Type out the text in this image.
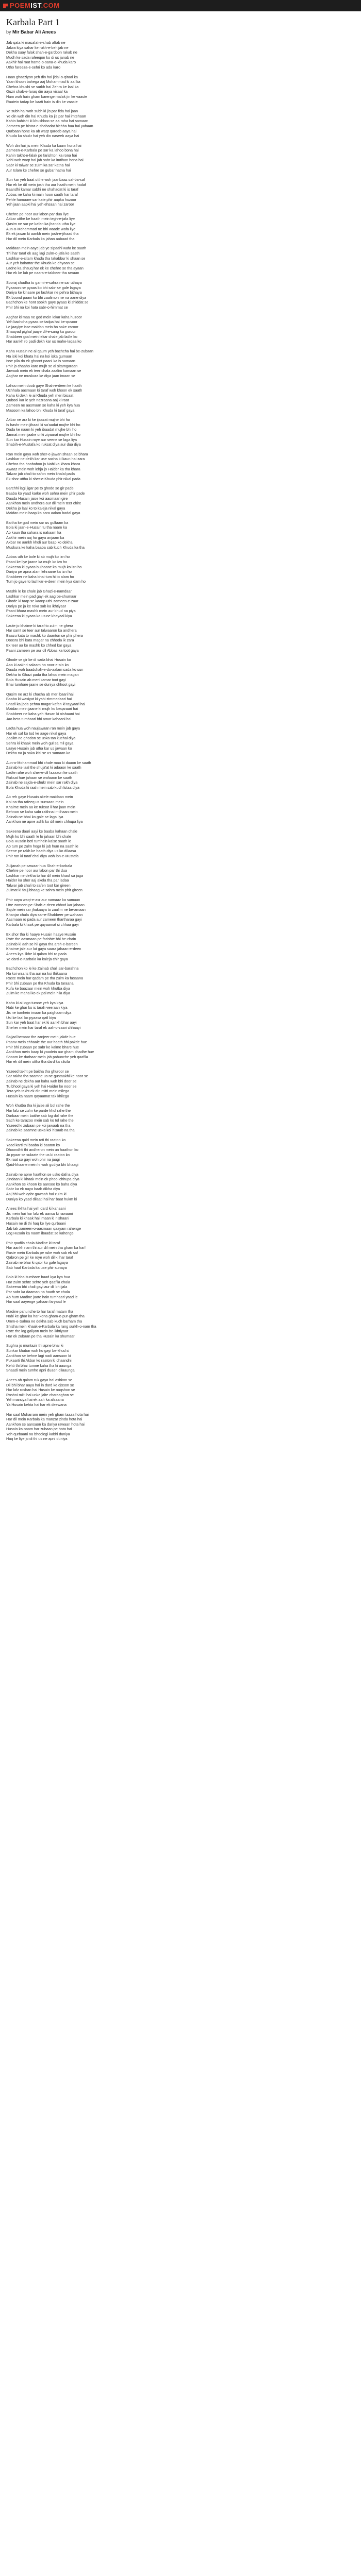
POEMIST.COM
Karbala Part 1
by Mir Babar Ali Anees
Jab qata ki masafat-e-shab aftab ne
Jalwa kiya sahar ke rukh-e-behijab ne
Dekha suay falak shah-e-gardoon rakab ne
Mudh ke sada rafeeqon ko di us janab ne
Aakhir hai raat hamd-o-sana-e-khuda karo
Utho fareeza-e-sehri ko ada karo
Haan ghaaziyon yeh din hai jidal-o-qitaal ka
Yaan khoon bahega aaj Mohammad ki aal ka
Chehra khushi se surkh hai Zehra ke laal ka
Guzri shab-e-faraq din aaya visaal ka
Hum woh hain gham karenge malak jin ke vaaste
Raatein tadap ke kaati hain is din ke vaaste
Ye subh hai woh subh ki jis par fida hai jaan
Ye din woh din hai Khuda ka jis par hai imtehaan
Kahin bahisht ki khushboo se aa raha hai samaan
Zameen pe bistar-e-shahadat bichha hua hai yahaan
Qurbaan hone ka ab waqt qareeb aaya hai
Khuda ka shukr hai yeh din naseeb aaya hai
Woh din hai jis mein Khuda ka kaam hona hai
Zameen-e-Karbala pe sar ka lahoo bona hai
Kahin takht-e-falak pe farishton ka rona hai
Yahi woh waqt hai jab sabr ka imtihan hona hai
Sabr ki talwar se zulm ka sar katna hai
Aur Islam ke chehre se gubar hatna hai
Sun kar yeh baat utthe woh jaanbaaz saf-ba-saf
Har ek ke dil mein josh tha aur haath mein hadaf
Baandhi kamar sabhi ne shahadat ki is taraf
Abbas ne kaha ki main hoon saath har taraf
Pehle hamaare sar kate phir aapka huzoor
Yeh jaan aapki hai yeh ehsaan hai zaroor
Chehre pe noor aur labon par dua liye
Akbar utthe ke haath mein tegh-e-jafa liye
Qasim ne sar pe kafan ka jhanda utha liye
Aun-o-Mohammad ne bhi waade wafa liye
Ek ek jawan ki aankh mein josh-e-jihaad tha
Har dil mein Karbala ka jahan aabaad tha
Maidaan mein aaye jab ye sipaahi wafa ke saath
Thi har taraf ek aag lagi zulm-o-jafa ke saath
Lashkar-e-sitam khada tha takabbur ki shaan se
Aur yeh bahattar the Khuda ke dhyaan se
Ladne ka shauq har ek ke chehre se tha ayaan
Har ek ke lab pe naara-e-takbeer tha ravaan
Sooraj chadha to garmi-e-sahra ne sar uthaya
Pyaason ne pyaas ko bhi sabr se gale lagaya
Dariya ke kinaare pe lashkar ne pehra bithaya
Ek boond paani ko bhi zaalimon ne na aane diya
Bachchon ke hont sookh gaye pyaas ki shiddat se
Phir bhi na koi hata sabr-o-himmat se
Asghar ki maa ne god mein lekar kaha huzoor
Yeh bachcha pyaas se tadpa hai be-qusoor
Le jaayiye isse maidan mein ho sake zaroor
Shaayad pighal jaaye dil-e-sang ka guroor
Shabbeer god mein lekar chale jab ladle ko
Har aankh ro padi dekh kar us mahe-laqaa ko
Kaha Husain ne ai qaum yeh bachcha hai be-zubaan
Na iski koi khata hai na koi iska gumaan
Isse pila do ek ghoont paani ka is samaan
Phir jo chaaho karo mujh se ai sitamgaraan
Jawaab mein ek teer chala zaalim kamaan se
Asghar ne muskura ke diya jaan imaan se
Lahoo mein doob gaye Shah-e-deen ke haath
Uchhala aasmaan ki taraf woh khoon ek saath
Kaha ki dekh le ai Khuda yeh meri bisaat
Qubool kar le yeh nazraana aaj ki raat
Zameen ne aasmaan se kaha ki yeh kya hua
Masoom ka lahoo bhi Khuda ki taraf gaya
Akbar ne arz ki ke ijaazat mujhe bhi ho
Is hashr mein jihaad ki sa'aadat mujhe bhi ho
Dada ke naam ki yeh ibaadat mujhe bhi ho
Jannat mein jaake unki ziyaarat mujhe bhi ho
Sun kar Husain roye aur seene se laga liya
Shabih-e-Mustafa ko ruksat diya aur dua diya
Ran mein gaya woh sher-e-jawan shaan se bhara
Lashkar ne dekh kar use socha ki kaun hai zara
Chehra tha hoobahoo jo Nabi ka khara khara
Awaaz mein woh lehja jo Haider ka tha khara
Talwar jab chali to safon mein khalal pada
Ek shor uttha ki sher-e-Khuda phir nikal pada
Barchhi lagi jigar pe to ghode se gir pade
Baaba ko yaad karke woh sehra mein phir pade
Dauda Husain jaise koi aasmaan gire
Aankhon mein andhera aur dil mein teer chire
Dekha jo laal ko to kaleja nikal gaya
Maidan mein baap ka sara aalam badal gaya
Baitha ke god mein sar us gulfaam ka
Bola ki jaan-e-Husain tu tha naam ka
Ab kaun tha sahara is nakaam ka
Aakhir mein aaj ho gaya anjaam ka
Akbar ne aankh kholi aur baap ko dekha
Muskura ke kaha baaba sab kuch Khuda ka tha
Abbas uth ke bole ki ab mujh ko izn ho
Paani ke liye jaane ka mujh ko izn ho
Sakeena ki pyaas bujhaane ka mujh ko izn ho
Dariya pe apna alam lehraane ka izn ho
Shabbeer ne kaha bhai tum hi to alam ho
Tum jo gaye to lashkar-e-deen mein kya dam ho
Mashk le ke chale jab Ghazi-e-namdaar
Lashkar mein pad gayi ek aag be-shumaar
Ghode ki taap se kaanp uthi zameen-e-zaar
Dariya pe ja ke roka sab ka ikhtiyaar
Paani bhara mashk mein aur khud na piya
Sakeena ki pyaas ka us ne khayaal kiya
Laute jo khaime ki taraf to zulm ne ghera
Har samt se teer aur talwaaron ka andhera
Baazu kata to mashk ko daanton se phir phera
Doosra bhi kata magar na chhoda ik zara
Ek teer aa ke mashk ko chhed kar gaya
Paani zameen pe aur dil Abbas ka toot gaya
Ghode se gir ke di sada bhai Husain ko
Aao ki aakhri salaam ho noor-e-ain ko
Dauda woh baadshah-e-do-aalam sada ko sun
Dekha to Ghazi pada tha lahoo mein magan
Bola Husain ab meri kamar toot gayi
Bhai tumhare jaane se duniya chhoot gayi
Qasim ne arz ki chacha ab meri baari hai
Baaba ki wasiyat ki yahi zimmedaari hai
Shadi ka joda pehna magar kafan ki tayyaari hai
Maidan mein jaane ki mujh ko beqaraari hai
Shabbeer ne kaha yeh Hasan ki nishaani hai
Jao beta tumhaari bhi amar kahaani hai
Ladta hua woh naujawaan ran mein jab gaya
Har ek saf ko tod ke aage nikal gaya
Zaalim ne ghodon se uska tan kuchal diya
Sehra ki khaak mein woh gul sa mil gaya
Laaye Husain jab utha kar us jawaan ko
Dekha na ja saka kisi se us samaan ko
Aun-o-Mohammad bhi chale maa ki duaon ke saath
Zainab ke laal the shuja'at ki adaaon ke saath
Ladte rahe woh sher-e-dil fazaaon ke saath
Ruksat hue jahaan se wafaaon ke saath
Zainab ne sajda-e-shukr mein sar rakh diya
Bola Khuda ki raah mein sab kuch lutaa diya
Ab reh gaye Husain akele maidaan mein
Koi na tha rafeeq us sunsaan mein
Khaime mein aa ke ruksat li har jaan mein
Behnon se kaha sabr rakhna imtihaan mein
Zainab ne bhai ko gale se laga liya
Aankhon ne apne ashk ko dil mein chhupa liya
Sakeena dauri aayi ke baaba kahaan chale
Mujh ko bhi saath le lo jahaan bhi chale
Bola Husain beti tumhein kaise saath le
Ab tum pe zulm hoga ki jab hum na saath le
Seene pe rakh ke haath diya us ko dilaasa
Phir ran ki taraf chal diya woh ibn-e-Mustafa
Zuljanah pe sawaar hua Shah-e-karbala
Chehre pe noor aur labon par thi dua
Lashkar ne dekha to har dil mein khauf sa jaga
Haider ka sher aaj akela tha par ladaa
Talwar jab chali to safen toot kar gireen
Zulmat ki fauj bhaag ke sahra mein phir gireen
Phir aaya waqt-e-asr aur namaaz ka samaan
Utre zameen pe Shah-e-deen chhod kar jahaan
Sajde mein sar jhukaaya to zaalim ne be-amaan
Khanjar chala diya sar-e-Shabbeer pe wahaan
Aasmaan ro pada aur zameen thartharaa gayi
Karbala ki khaak pe qayaamat si chhaa gayi
Ek shor tha ki haaye Husain haaye Husain
Rote the aasmaan pe farishte bhi be-chain
Zainab ki aah se hil gaya tha arsh-e-bareen
Khaime jale aur lut gaya saara jahaan-e-deen
Anees kya likhe ki qalam bhi ro pada
Ye dard-e-Karbala ka kaleja chir gaya
Bachchon ko le ke Zainab chali sar-barahna
Na koi waaris tha aur na koi thikaana
Raste mein har qadam pe tha zulm ka fasaana
Phir bhi zubaan pe tha Khuda ka taraana
Kufa ke baazaar mein woh khutba diya
Zulm ke mahal ko ek pal mein hila diya
Kaha ki ai logo tumne yeh kya kiya
Nabi ke ghar ko is tarah veeraan kiya
Jis ne tumhein imaan ka paighaam diya
Usi ke laal ko pyaasa qatl kiya
Sun kar yeh baat har ek ki aankh bhar aayi
Sheher mein har taraf ek aah-o-zaari chhaayi
Sajjad bemaar the zanjeer mein jakde hue
Paanv mein chhaale the aur haath bhi pakde hue
Phir bhi zubaan pe sabr ke kalme bhare hue
Aankhon mein baap ki yaadein aur gham chadhe hue
Shaam ke darbaar mein jab pahunche yeh qaafila
Har ek dil mein uttha tha dard ka silsila
Yazeed takht pe baitha tha ghuroor se
Sar rakha tha saamne us ne gustaakhi ke noor se
Zainab ne dekha aur kaha woh bhi door se
Tu bhool gaya ki yeh hai Haider ke noor se
Tera yeh takht ek din mitti mein milega
Husain ka naam qayaamat tak khilega
Woh khutba tha ki jaise ali bol rahe the
Har lafz se zulm ke parde khol rahe the
Darbaar mein baithe sab log dol rahe the
Sach ke tarazoo mein sab ko tol rahe the
Yazeed ki zubaan pe koi jawaab na tha
Zainab ke saamne uska koi hisaab na tha
Sakeena qaid mein roti thi raaton ko
Yaad karti thi baaba ki baaton ko
Dhoondhti thi andheron mein un haathon ko
Jo pyaar se sulaate the us ki raaton ko
Ek raat so gayi woh phir na jaagi
Qaid-khaane mein hi woh gudiya bhi bhaagi
Zainab ne apne haathon se usko dafna diya
Zindaan ki khaak mein ek phool chhupa diya
Aankhon se khoon ke aansoo ko baha diya
Sabr ka ek naya baab dikha diya
Aaj bhi woh qabr gawaah hai zulm ki
Duniya ko yaad dilaati hai har baat hukm ki
Anees likhta hai yeh dard ki kahaani
Jis mein hai har lafz ek aansu ki rawaani
Karbala ki khaak hai imaan ki nishaani
Husain ne di thi haq ke liye qurbaani
Jab tak zameen-o-aasmaan qaayam rahenge
Log Husain ka naam ibaadat se kahenge
Phir qaafila chala Madine ki taraf
Har aankh nam thi aur dil mein tha gham ka harf
Raste mein Karbala pe ruke woh sab ek saf
Qabron pe gir ke roye woh dil ki har taraf
Zainab ne bhai ki qabr ko gale lagaya
Sab haal Karbala ka use phir sunaya
Bola ki bhai tumhare baad kya kya hua
Har zulm sehte sehte yeh qaafila chala
Sakeena bhi chali gayi aur dil bhi jala
Par sabr ka daaman na haath se chala
Ab hum Madine jaate hain tumhaari yaad le
Har saal aayenge yahaan faryaad le
Madine pahunche to har taraf matam tha
Nabi ke ghar ka har kona gham-e-pur-gham tha
Umm-e-Salma ne dekha sab kuch barham tha
Shisha mein khaak-e-Karbala ka rang surkh-o-nam tha
Rote the log galiyon mein be-ikhtiyaar
Har ek zubaan pe tha Husain ka shumaar
Sughra jo muntazir thi apne bhai ki
Sunkar khabar woh ho gayi be-khud si
Aankhon se behne lagi nadi aansuon ki
Pukaarti thi Akbar ko raaton ki chaandni
Kehti thi bhai tumne kaha tha ki aaunga
Shaadi mein tumhe apni duaen dilaaunga
Anees ab qalam ruk gaya hai ashkon se
Dil bhi bhar aaya hai in dard ke qisson se
Har lafz roshan hai Husain ke naqshon se
Roshni milti hai unke jalte charaaghon se
Yeh marsiya hai ek aah ka afsaana
Ya Husain kehta hai har ek deewana
Har saal Muharram mein yeh gham taaza hota hai
Har dil mein Karbala ka manzar zinda hota hai
Aankhon se aansuon ka dariya rawaan hota hai
Husain ka naam har zubaan pe hota hai
Yeh qurbaani na bhoolegi kabhi duniya
Haq ke liye jo di thi us ne apni duniya
